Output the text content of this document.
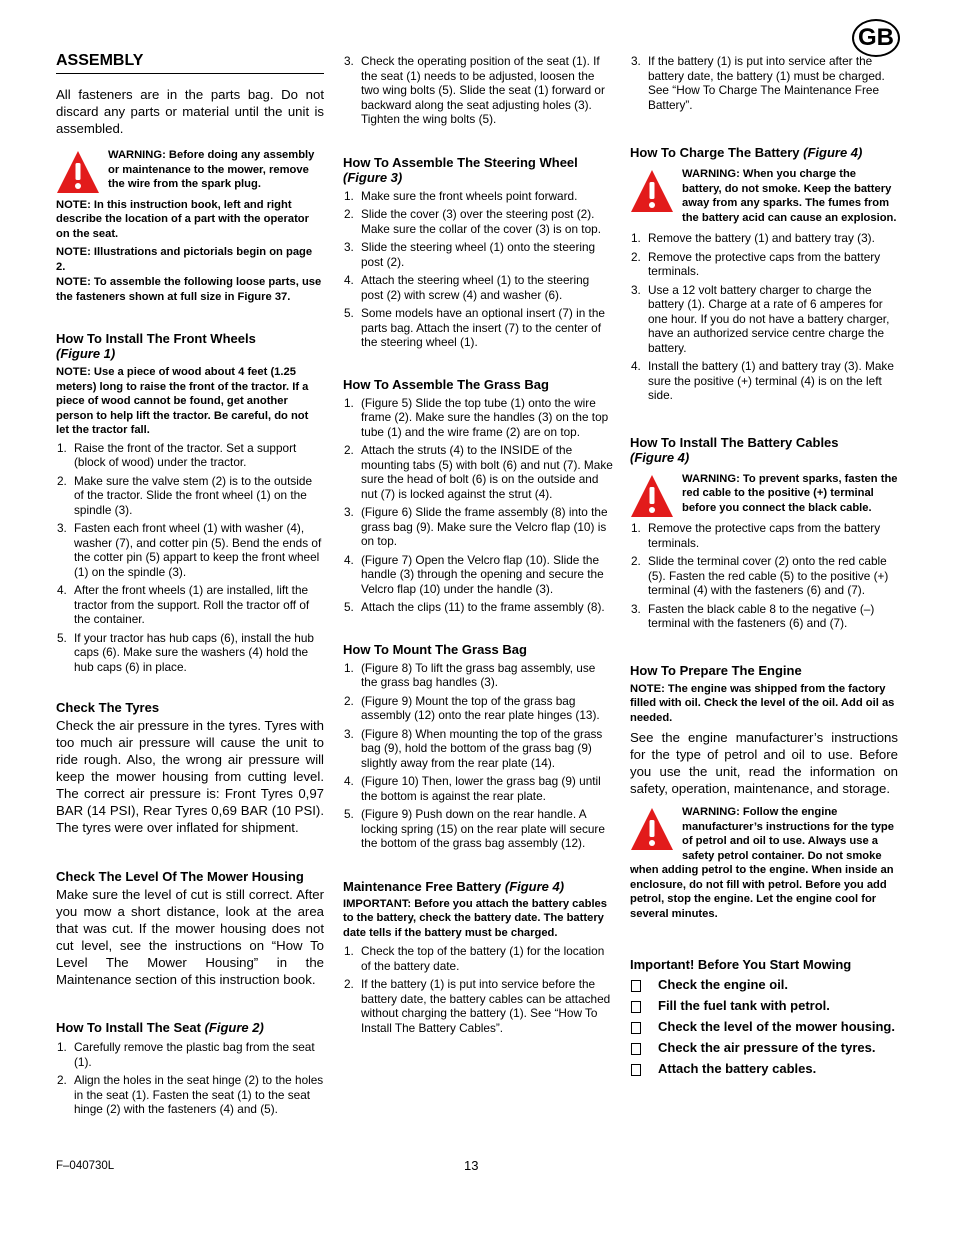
GB

ASSEMBLY

All fasteners are in the parts bag. Do not discard any parts or material until the unit is assembled.

WARNING: Before doing any assembly or maintenance to the mower, remove the wire from the spark plug.

NOTE: In this instruction book, left and right describe the location of a part with the operator on the seat.

NOTE: Illustrations and pictorials begin on page 2.

NOTE: To assemble the following loose parts, use the fasteners shown at full size in Figure 37.

How To Install The Front Wheels
(Figure 1)

NOTE: Use a piece of wood about 4 feet (1.25 meters) long to raise the front of the tractor. If a piece of wood cannot be found, get another person to help lift the tractor. Be careful, do not let the tractor fall.

1. Raise the front of the tractor. Set a support (block of wood) under the tractor.
2. Make sure the valve stem (2) is to the outside of the tractor. Slide the front wheel (1) on the spindle (3).
3. Fasten each front wheel (1) with washer (4), washer (7), and cotter pin (5). Bend the ends of the cotter pin (5) appart to keep the front wheel (1) on the spindle (3).
4. After the front wheels (1) are installed, lift the tractor from the support. Roll the tractor off of the container.
5. If your tractor has hub caps (6), install the hub caps (6). Make sure the washers (4) hold the hub caps (6) in place.

Check The Tyres

Check the air pressure in the tyres. Tyres with too much air pressure will cause the unit to ride rough. Also, the wrong air pressure will keep the mower housing from cutting level. The correct air pressure is: Front Tyres 0,97 BAR (14 PSI), Rear Tyres 0,69 BAR (10 PSI). The tyres were over inflated for shipment.

Check The Level Of The Mower Housing

Make sure the level of cut is still correct. After you mow a short distance, look at the area that was cut. If the mower housing does not cut level, see the instructions on “How To Level The Mower Housing” in the Maintenance section of this instruction book.

How To Install The Seat (Figure 2)

1. Carefully remove the plastic bag from the seat (1).
2. Align the holes in the seat hinge (2) to the holes in the seat (1). Fasten the seat (1) to the seat hinge (2) with the fasteners (4) and (5).
3. Check the operating position of the seat (1). If the seat (1) needs to be adjusted, loosen the two wing bolts (5). Slide the seat (1) forward or backward along the seat adjusting holes (3). Tighten the wing bolts (5).

How To Assemble The Steering Wheel
(Figure 3)

1. Make sure the front wheels point forward.
2. Slide the cover (3) over the steering post (2). Make sure the collar of the cover (3) is on top.
3. Slide the steering wheel (1) onto the steering post (2).
4. Attach the steering wheel (1) to the steering post (2) with screw (4) and washer (6).
5. Some models have an optional insert (7) in the parts bag. Attach the insert (7) to the center of the steering wheel (1).

How To Assemble The Grass Bag

1. (Figure 5) Slide the top tube (1) onto the wire frame (2). Make sure the handles (3) on the top tube (1) and the wire frame (2) are on top.
2. Attach the struts (4) to the INSIDE of the mounting tabs (5) with bolt (6) and nut (7). Make sure the head of bolt (6) is on the outside and nut (7) is locked against the strut (4).
3. (Figure 6) Slide the frame assembly (8) into the grass bag (9). Make sure the Velcro flap (10) is on top.
4. (Figure 7) Open the Velcro flap (10). Slide the handle (3) through the opening and secure the Velcro flap (10) under the handle (3).
5. Attach the clips (11) to the frame assembly (8).

How To Mount The Grass Bag

1. (Figure 8) To lift the grass bag assembly, use the grass bag handles (3).
2. (Figure 9) Mount the top of the grass bag assembly (12) onto the rear plate hinges (13).
3. (Figure 8) When mounting the top of the grass bag (9), hold the bottom of the grass bag (9) slightly away from the rear plate (14).
4. (Figure 10) Then, lower the grass bag (9) until the bottom is against the rear plate.
5. (Figure 9) Push down on the rear handle. A locking spring (15) on the rear plate will secure the bottom of the grass bag assembly (12).

Maintenance Free Battery (Figure 4)

IMPORTANT: Before you attach the battery cables to the battery, check the battery date. The battery date tells if the battery must be charged.

1. Check the top of the battery (1) for the location of the battery date.
2. If the battery (1) is put into service before the battery date, the battery cables can be attached without charging the battery (1). See “How To Install The Battery Cables”.
3. If the battery (1) is put into service after the battery date, the battery (1) must be charged. See “How To Charge The Maintenance Free Battery”.

How To Charge The Battery (Figure 4)

WARNING: When you charge the battery, do not smoke. Keep the battery away from any sparks. The fumes from the battery acid can cause an explosion.
1. Remove the battery (1) and battery tray (3).
2. Remove the protective caps from the battery terminals.
3. Use a 12 volt battery charger to charge the battery (1). Charge at a rate of 6 amperes for one hour. If you do not have a battery charger, have an authorized service centre charge the battery.
4. Install the battery (1) and battery tray (3). Make sure the positive (+) terminal (4) is on the left side.

How To Install The Battery Cables
(Figure 4)

WARNING: To prevent sparks, fasten the red cable to the positive (+) terminal before you connect the black cable.
1. Remove the protective caps from the battery terminals.
2. Slide the terminal cover (2) onto the red cable (5). Fasten the red cable (5) to the positive (+) terminal (4) with the fasteners (6) and (7).
3. Fasten the black cable 8 to the negative (–) terminal with the fasteners (6) and (7).

How To Prepare The Engine

NOTE: The engine was shipped from the factory filled with oil. Check the level of the oil. Add oil as needed.

See the engine manufacturer’s instructions for the type of petrol and oil to use. Before you use the unit, read the information on safety, operation, maintenance, and storage.

WARNING: Follow the engine manufacturer’s instructions for the type of petrol and oil to use. Always use a safety petrol container. Do not smoke when adding petrol to the engine. When inside an enclosure, do not fill with petrol. Before you add petrol, stop the engine. Let the engine cool for several minutes.

Important! Before You Start Mowing

Check the engine oil.
Fill the fuel tank with petrol.
Check the level of the mower housing.
Check the air pressure of the tyres.
Attach the battery cables.
F–040730L	13
